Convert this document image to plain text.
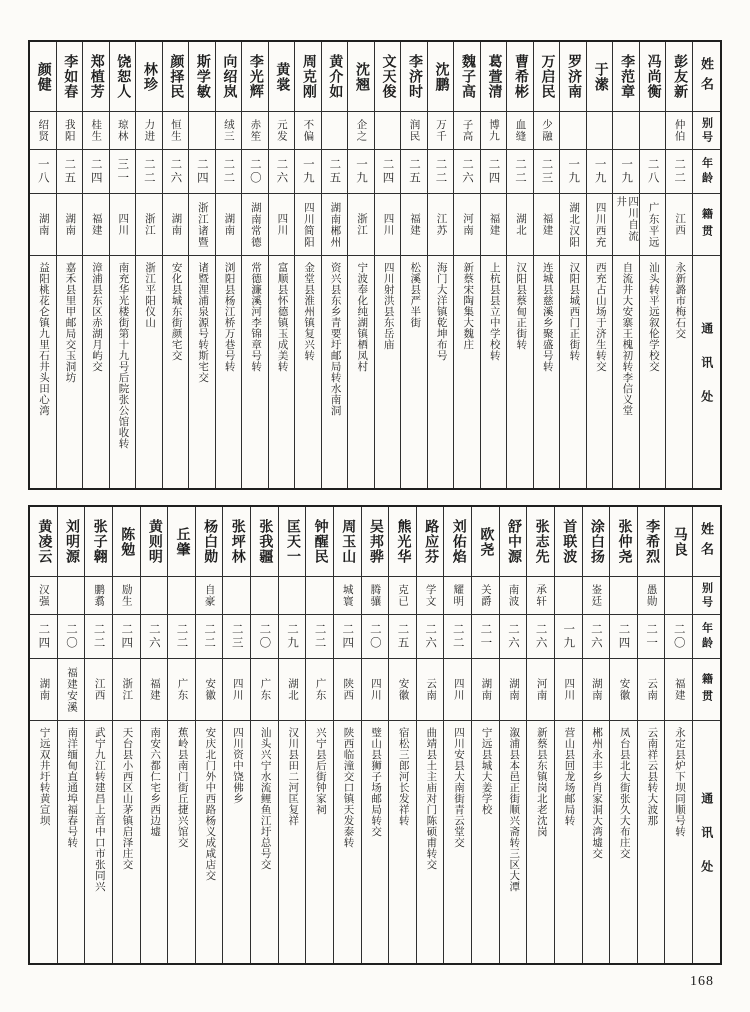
颜健
绍贤
一八
湖南
益阳桃花仑镇九里石井头田心湾
李如春
我阳
二五
湖南
嘉禾县里甲邮局交玉洞坊
郑植芳
桂生
二四
福建
漳浦县东区赤湖月屿交
饶恕人
琼林
三一
四川
南充华光楼街第十九号后院张公馆收转
林珍
力进
二二
浙江
浙江平阳仪山
颜择民
恒生
二六
湖南
安化县城东街颜宅交
斯学敏
二四
浙江诸暨
诸暨浬浦泉源号转斯宅交
向绍岚
绒三
二二
湖南
浏阳县杨江桥万巷号转
李光辉
赤笙
二〇
湖南常德
常德濂溪河李锦章号转
黄裳
元发
二六
四川
富顺县怀德镇玉成美转
周克刚
不偏
一九
四川简阳
金堂县淮州镇复兴转
黄介如
二五
湖南郴州
资兴县东乡青要圩邮局转水南洞
沈翘
企之
一九
浙江
宁波奉化纯湖镇栖凤村
文天俊
二四
四川
四川射洪县东岳庙
李济时
润民
二五
福建
松溪县严半街
沈鹏
万千
二二
江苏
海门大洋镇乾坤布号
魏子高
子高
二六
河南
新蔡宋陶集大魏庄
葛萱清
博九
二四
福建
上杭县县立中学校转
曹希彬
血缝
二二
湖北
汉阳县蔡甸正街转
万启民
少融
二三
福建
连城县慈溪乡聚盛号转
罗济南
一九
湖北汉阳
汉阳县城西门正街转
于潆
一九
四川西充
西充占山场于济生转交
李范章
一九
四川自流井
自流井大安寨王槐初转李信义堂
冯尚衡
二八
广东平远
汕头转平远叙伦学校交
彭友新
仲伯
二二
江西
永新潞市梅石交
姓名
别号
年龄
籍贯
通讯处
黄凌云
汉强
二四
湖南
宁远双井圩转黄宣坝
刘明源
二〇
福建安溪
南洋缅甸直通埠福春号转
张子翱
鹏翥
二二
江西
武宁九江转建昌上首中口市张同兴
陈勉
励生
二四
浙江
天台县小西区山茅镇启泽庄交
黄则明
二六
福建
南安六都仁宅乡西边墟
丘肇
二二
广东
蕉岭县南门街丘捷兴馆交
杨白勋
自豪
二二
安徽
安庆北门外中西路杨义成咸店交
张坪林
二三
四川
四川资中饶佛乡
张我疆
二〇
广东
汕头兴宁水流鲤鱼江圩总号交
匡天一
二九
湖北
汉川县田二河匡复祥
钟醒民
二二
广东
兴宁县后街钟家祠
周玉山
城寰
二四
陕西
陕西临潼交口镇天发泰转
吴邦骅
腾骧
二〇
四川
璧山县狮子场邮局转交
熊光华
克已
二五
安徽
宿松三郎河长发祥转
路应芬
学文
二六
云南
曲靖县土主庙对门陈硕甫转交
刘佑焰
耀明
二二
四川
四川安县大南街青云堂交
欧尧
关爵
二一
湖南
宁远县城大姜学校
舒中源
南波
二六
湖南
溆浦县本邑正街顺兴斋转三区大潭
张志先
承轩
二六
河南
新蔡县东镇岗北老沈岗
首联波
一九
四川
营山县回龙场邮局转
涂白扬
崟廷
二六
湖南
郴州永丰乡肖家洞大湾墟交
张仲尧
二四
安徽
凤台县北大街张久大布庄交
李希烈
愚勋
二一
云南
云南祥云县转大波那
马良
二〇
福建
永定县炉下坝同顺号转
姓名
别号
年龄
籍贯
通讯处
168
